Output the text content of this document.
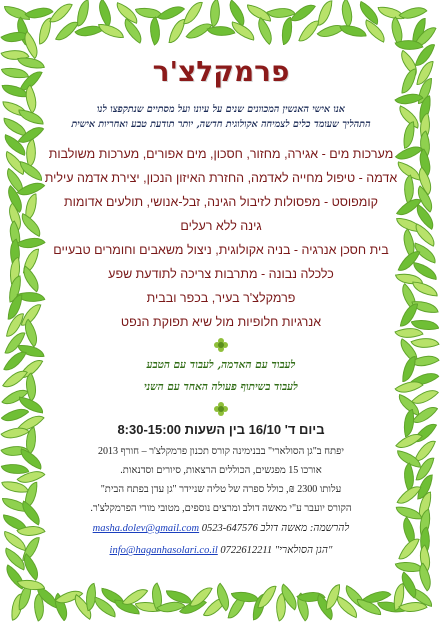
פרמקלצ'ר
אנו אישי האנשין המכוונים שנים על עיונו ועל מסתיים שנתקפצו לנו
התהליך שעומד כלים לצמיחה אקולוגית חדשה, יותר תודעת טבע ואחריות אישית
מערכות מים - אגירה, מחזור, חסכון, מים אפורים, מערכות משולבות
אדמה - טיפול מחייה לאדמה, החזרת האיזון הנכון, יצירת אדמה עילית
קומפוסט - מפסולות לזיבול הגינה, זבל-אנושי, תולעים אדומות
גינה ללא רעלים
בית חסכן אנרגיה - בניה אקולוגית, ניצול משאבים וחומרים טבעיים
כלכלה נבונה - מתרבות צריכה לתודעת שפע
פרמקלצ'ר בעיר, בכפר ובבית
אנרגיות חלופיות מול שיא תפוקת הנפט
לעבוד עם האדמה, לעבוד עם הטבע
לעבוד בשיתוף פעולה האחד עם השני
ביום ד' 16/10 בין השעות 8:30-15:00
יפתח ב"גן הסולארי" בבנימינה קורס תכנון פרמקלצ'ר – חורף 2013
אורכו 15 מפגשים, הכוללים הרצאות, סיורים וסדנאות.
עלותו 2300 ₪, כולל ספרה של טליה שניידר "גן עדן בפתח הבית"
הקורס יועבר ע"י מאשה דולב ומרצים נוספים, מטובי מורי הפרמקלצ'ר.
להרשמה: מאשה דולב 0523-647576 masha.dolev@gmail.com
"הגן הסולארי" 0722612211 info@haganhasolari.co.il
